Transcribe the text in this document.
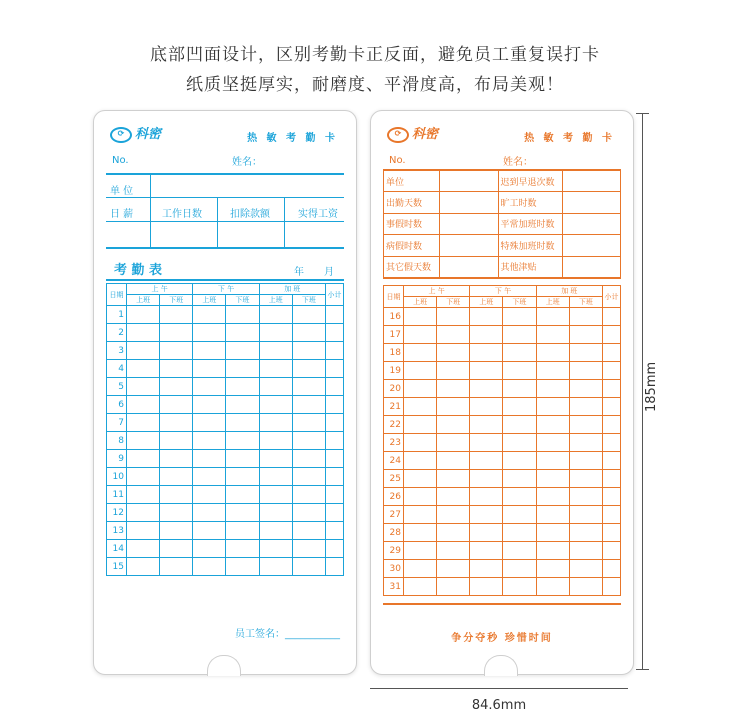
底部凹面设计，区别考勤卡正反面，避免员工重复误打卡
纸质坚挺厚实，耐磨度、平滑度高，布局美观！
⟳ 科密	热 敏 考 勤 卡
No.	姓名：
单 位
日 薪	工作日数	扣除款额	实得工资
考 勤 表	年 月
日期	上 午		下 午		加 班		小计
	上班	下班	上班	下班	上班	下班	
1							
2							
3							
4							
5							
6							
7							
8							
9							
10							
11							
12							
13							
14							
15							
员工签名：___________
⟳ 科密	热 敏 考 勤 卡
No.	姓名：
单位		迟到早退次数	
出勤天数		旷工时数	
事假时数		平常加班时数	
病假时数		特殊加班时数	
其它假天数		其他津贴	
日期	上 午		下 午		加 班		小计
	上班	下班	上班	下班	上班	下班	
16							
17							
18							
19							
20							
21							
22							
23							
24							
25							
26							
27							
28							
29							
30							
31							
争分夺秒 珍惜时间
185mm
84.6mm
